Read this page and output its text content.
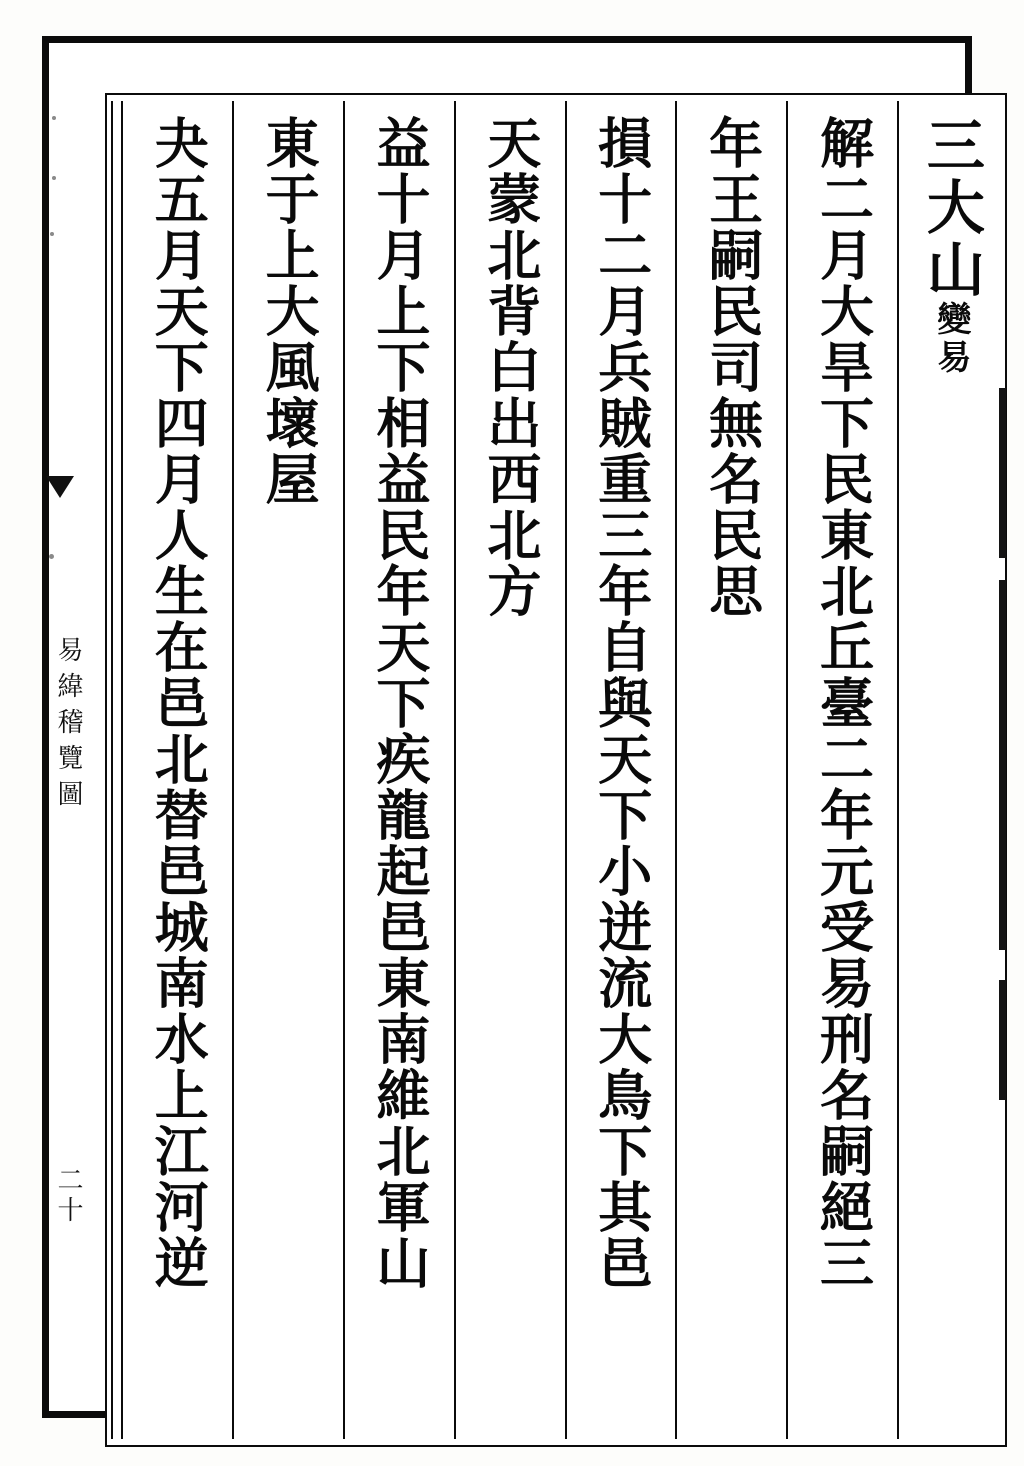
三大山變易
解二月大旱下民東北丘臺二年元受易刑名嗣絕三
年王嗣民司無名民思
損十二月兵賊重三年自與天下小迸流大鳥下其邑
天蒙北背白出西北方
益十月上下相益民年天下疾龍起邑東南維北軍山
東于上大風壞屋
夬五月天下四月人生在邑北替邑城南水上江河逆
易緯稽覽圖
二十
